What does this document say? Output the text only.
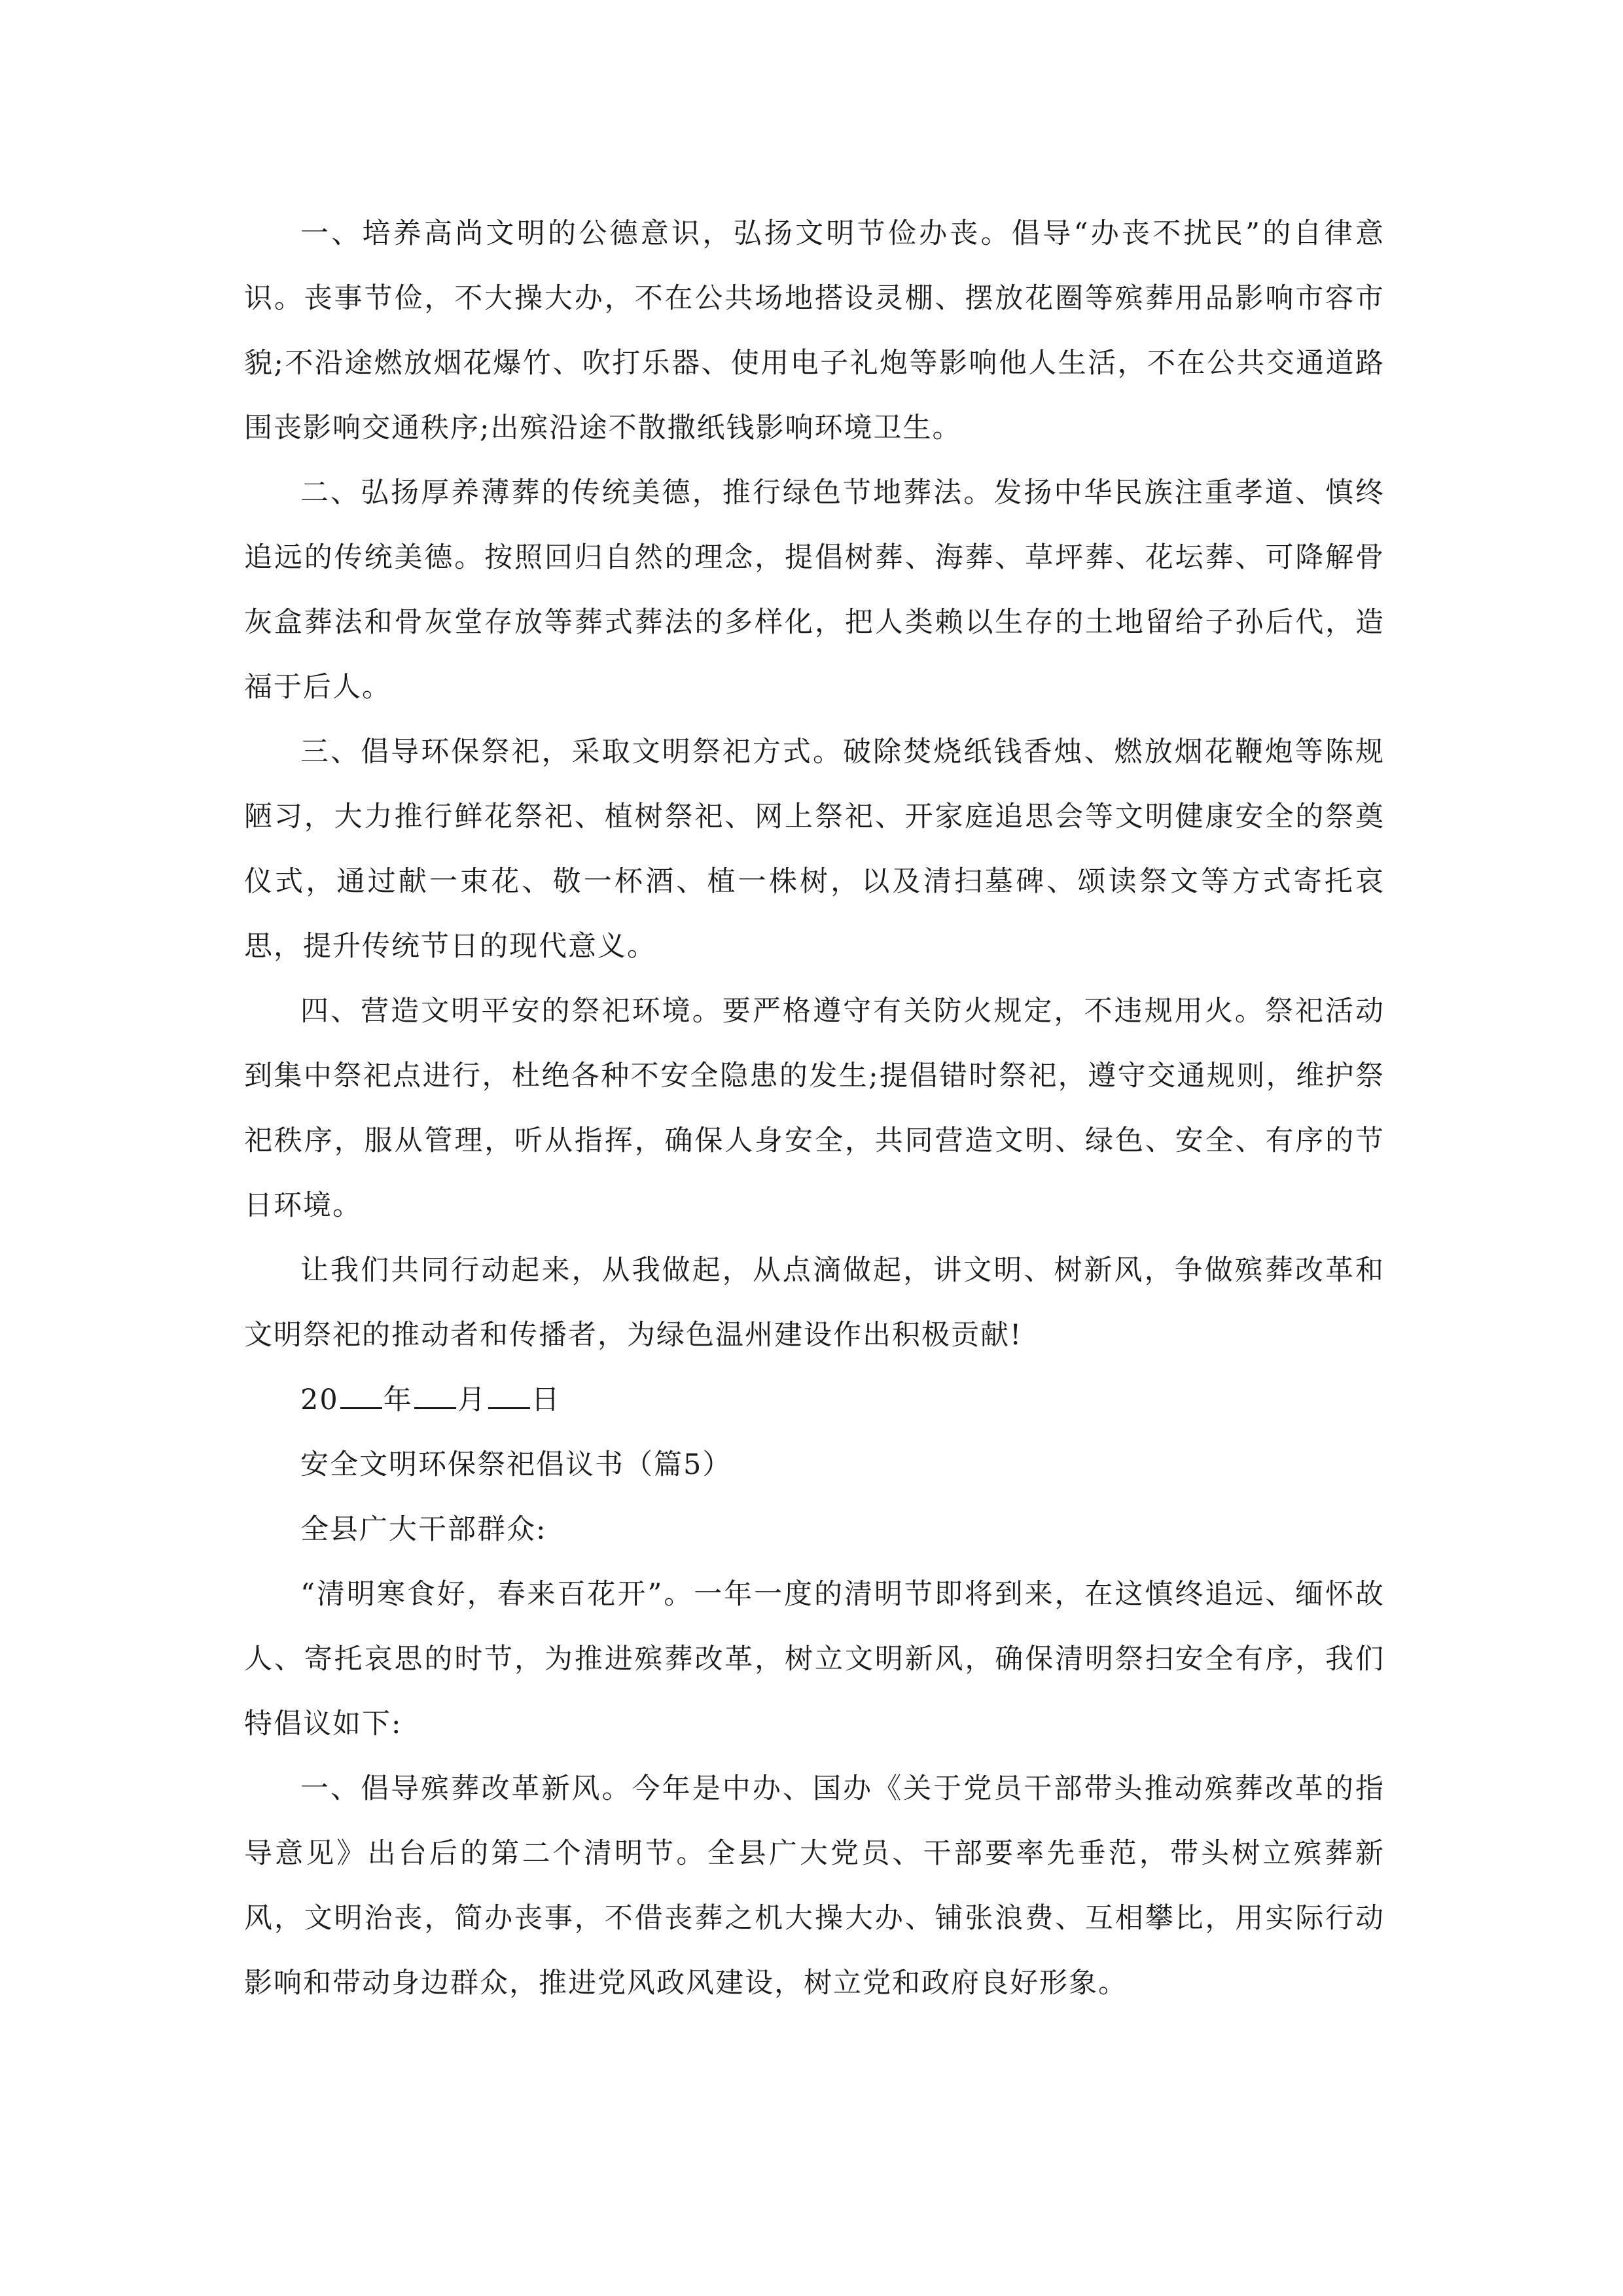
一、培养高尚文明的公德意识，弘扬文明节俭办丧。倡导“办丧不扰民”的自律意识。丧事节俭，不大操大办，不在公共场地搭设灵棚、摆放花圈等殡葬用品影响市容市貌;不沿途燃放烟花爆竹、吹打乐器、使用电子礼炮等影响他人生活，不在公共交通道路围丧影响交通秩序;出殡沿途不散撒纸钱影响环境卫生。

二、弘扬厚养薄葬的传统美德，推行绿色节地葬法。发扬中华民族注重孝道、慎终追远的传统美德。按照回归自然的理念，提倡树葬、海葬、草坪葬、花坛葬、可降解骨灰盒葬法和骨灰堂存放等葬式葬法的多样化，把人类赖以生存的土地留给子孙后代，造福于后人。

三、倡导环保祭祀，采取文明祭祀方式。破除焚烧纸钱香烛、燃放烟花鞭炮等陈规陋习，大力推行鲜花祭祀、植树祭祀、网上祭祀、开家庭追思会等文明健康安全的祭奠仪式，通过献一束花、敬一杯酒、植一株树，以及清扫墓碑、颂读祭文等方式寄托哀思，提升传统节日的现代意义。

四、营造文明平安的祭祀环境。要严格遵守有关防火规定，不违规用火。祭祀活动到集中祭祀点进行，杜绝各种不安全隐患的发生;提倡错时祭祀，遵守交通规则，维护祭祀秩序，服从管理，听从指挥，确保人身安全，共同营造文明、绿色、安全、有序的节日环境。

让我们共同行动起来，从我做起，从点滴做起，讲文明、树新风，争做殡葬改革和文明祭祀的推动者和传播者，为绿色温州建设作出积极贡献!

20 年 月 日

安全文明环保祭祀倡议书（篇5）

全县广大干部群众:

“清明寒食好，春来百花开”。一年一度的清明节即将到来，在这慎终追远、缅怀故人、寄托哀思的时节，为推进殡葬改革，树立文明新风，确保清明祭扫安全有序，我们特倡议如下:

一、倡导殡葬改革新风。今年是中办、国办《关于党员干部带头推动殡葬改革的指导意见》出台后的第二个清明节。全县广大党员、干部要率先垂范，带头树立殡葬新风，文明治丧，简办丧事，不借丧葬之机大操大办、铺张浪费、互相攀比，用实际行动影响和带动身边群众，推进党风政风建设，树立党和政府良好形象。
